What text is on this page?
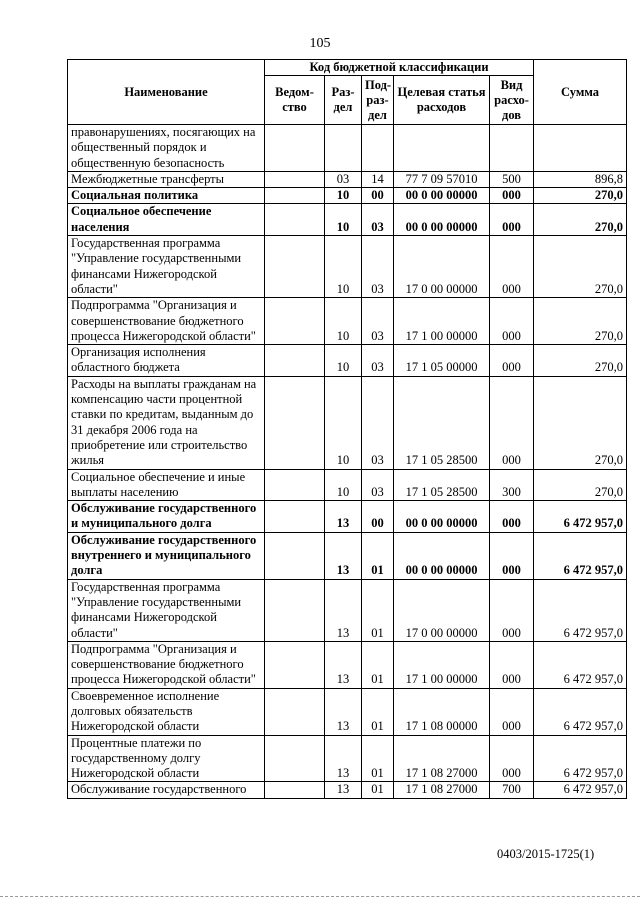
105
Наименование	Код бюджетной классификации					Сумма
	Ведом-ство	Раз-дел	Под-раз-дел	Целевая статья расходов	Вид расхо-дов	
правонарушениях, посягающих на общественный порядок и общественную безопасность						
Межбюджетные трансферты		03	14	77 7 09 57010	500	896,8
Социальная политика		10	00	00 0 00 00000	000	270,0
Социальное обеспечение населения		10	03	00 0 00 00000	000	270,0
Государственная программа "Управление государственными финансами Нижегородской области"		10	03	17 0 00 00000	000	270,0
Подпрограмма "Организация и совершенствование бюджетного процесса Нижегородской области"		10	03	17 1 00 00000	000	270,0
Организация исполнения областного бюджета		10	03	17 1 05 00000	000	270,0
Расходы на выплаты гражданам на компенсацию части процентной ставки по кредитам, выданным до 31 декабря 2006 года на приобретение или строительство жилья		10	03	17 1 05 28500	000	270,0
Социальное обеспечение и иные выплаты населению		10	03	17 1 05 28500	300	270,0
Обслуживание государственного и муниципального долга		13	00	00 0 00 00000	000	6 472 957,0
Обслуживание государственного внутреннего и муниципального долга		13	01	00 0 00 00000	000	6 472 957,0
Государственная программа "Управление государственными финансами Нижегородской области"		13	01	17 0 00 00000	000	6 472 957,0
Подпрограмма "Организация и совершенствование бюджетного процесса Нижегородской области"		13	01	17 1 00 00000	000	6 472 957,0
Своевременное исполнение долговых обязательств Нижегородской области		13	01	17 1 08 00000	000	6 472 957,0
Процентные платежи по государственному долгу Нижегородской области		13	01	17 1 08 27000	000	6 472 957,0
Обслуживание государственного		13	01	17 1 08 27000	700	6 472 957,0
0403/2015-1725(1)
